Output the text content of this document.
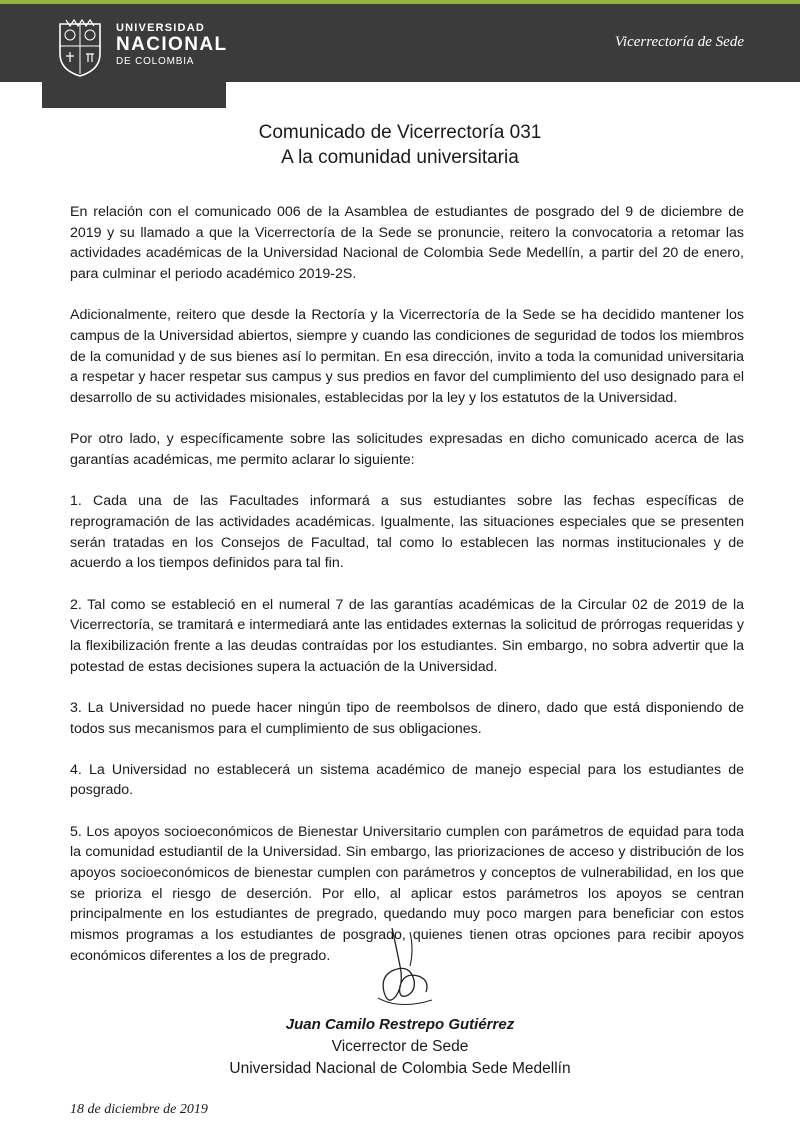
Vicerrectoría de Sede
UNIVERSIDAD
NACIONAL
DE COLOMBIA
Comunicado de Vicerrectoría 031
A la comunidad universitaria

En relación con el comunicado 006 de la Asamblea de estudiantes de posgrado del 9 de diciembre de 2019 y su llamado a que la Vicerrectoría de la Sede se pronuncie, reitero la convocatoria a retomar las actividades académicas de la Universidad Nacional de Colombia Sede Medellín, a partir del 20 de enero, para culminar el periodo académico 2019-2S.

Adicionalmente, reitero que desde la Rectoría y la Vicerrectoría de la Sede se ha decidido mantener los campus de la Universidad abiertos, siempre y cuando las condiciones de seguridad de todos los miembros de la comunidad y de sus bienes así lo permitan. En esa dirección, invito a toda la comunidad universitaria a respetar y hacer respetar sus campus y sus predios en favor del cumplimiento del uso designado para el desarrollo de su actividades misionales, establecidas por la ley y los estatutos de la Universidad.

Por otro lado, y específicamente sobre las solicitudes expresadas en dicho comunicado acerca de las garantías académicas, me permito aclarar lo siguiente:

1. Cada una de las Facultades informará a sus estudiantes sobre las fechas específicas de reprogramación de las actividades académicas. Igualmente, las situaciones especiales que se presenten serán tratadas en los Consejos de Facultad, tal como lo establecen las normas institucionales y de acuerdo a los tiempos definidos para tal fin.

2. Tal como se estableció en el numeral 7 de las garantías académicas de la Circular 02 de 2019 de la Vicerrectoría, se tramitará e intermediará ante las entidades externas la solicitud de prórrogas requeridas y la flexibilización frente a las deudas contraídas por los estudiantes. Sin embargo, no sobra advertir que la potestad de estas decisiones supera la actuación de la Universidad.

3. La Universidad no puede hacer ningún tipo de reembolsos de dinero, dado que está disponiendo de todos sus mecanismos para el cumplimiento de sus obligaciones.

4. La Universidad no establecerá un sistema académico de manejo especial para los estudiantes de posgrado.

5. Los apoyos socioeconómicos de Bienestar Universitario cumplen con parámetros de equidad para toda la comunidad estudiantil de la Universidad. Sin embargo, las priorizaciones de acceso y distribución de los apoyos socioeconómicos de bienestar cumplen con parámetros y conceptos de vulnerabilidad, en los que se prioriza el riesgo de deserción. Por ello, al aplicar estos parámetros los apoyos se centran principalmente en los estudiantes de pregrado, quedando muy poco margen para beneficiar con estos mismos programas a los estudiantes de posgrado, quienes tienen otras opciones para recibir apoyos económicos diferentes a los de pregrado.

Juan Camilo Restrepo Gutiérrez
Vicerrector de Sede
Universidad Nacional de Colombia Sede Medellín
18 de diciembre de 2019
